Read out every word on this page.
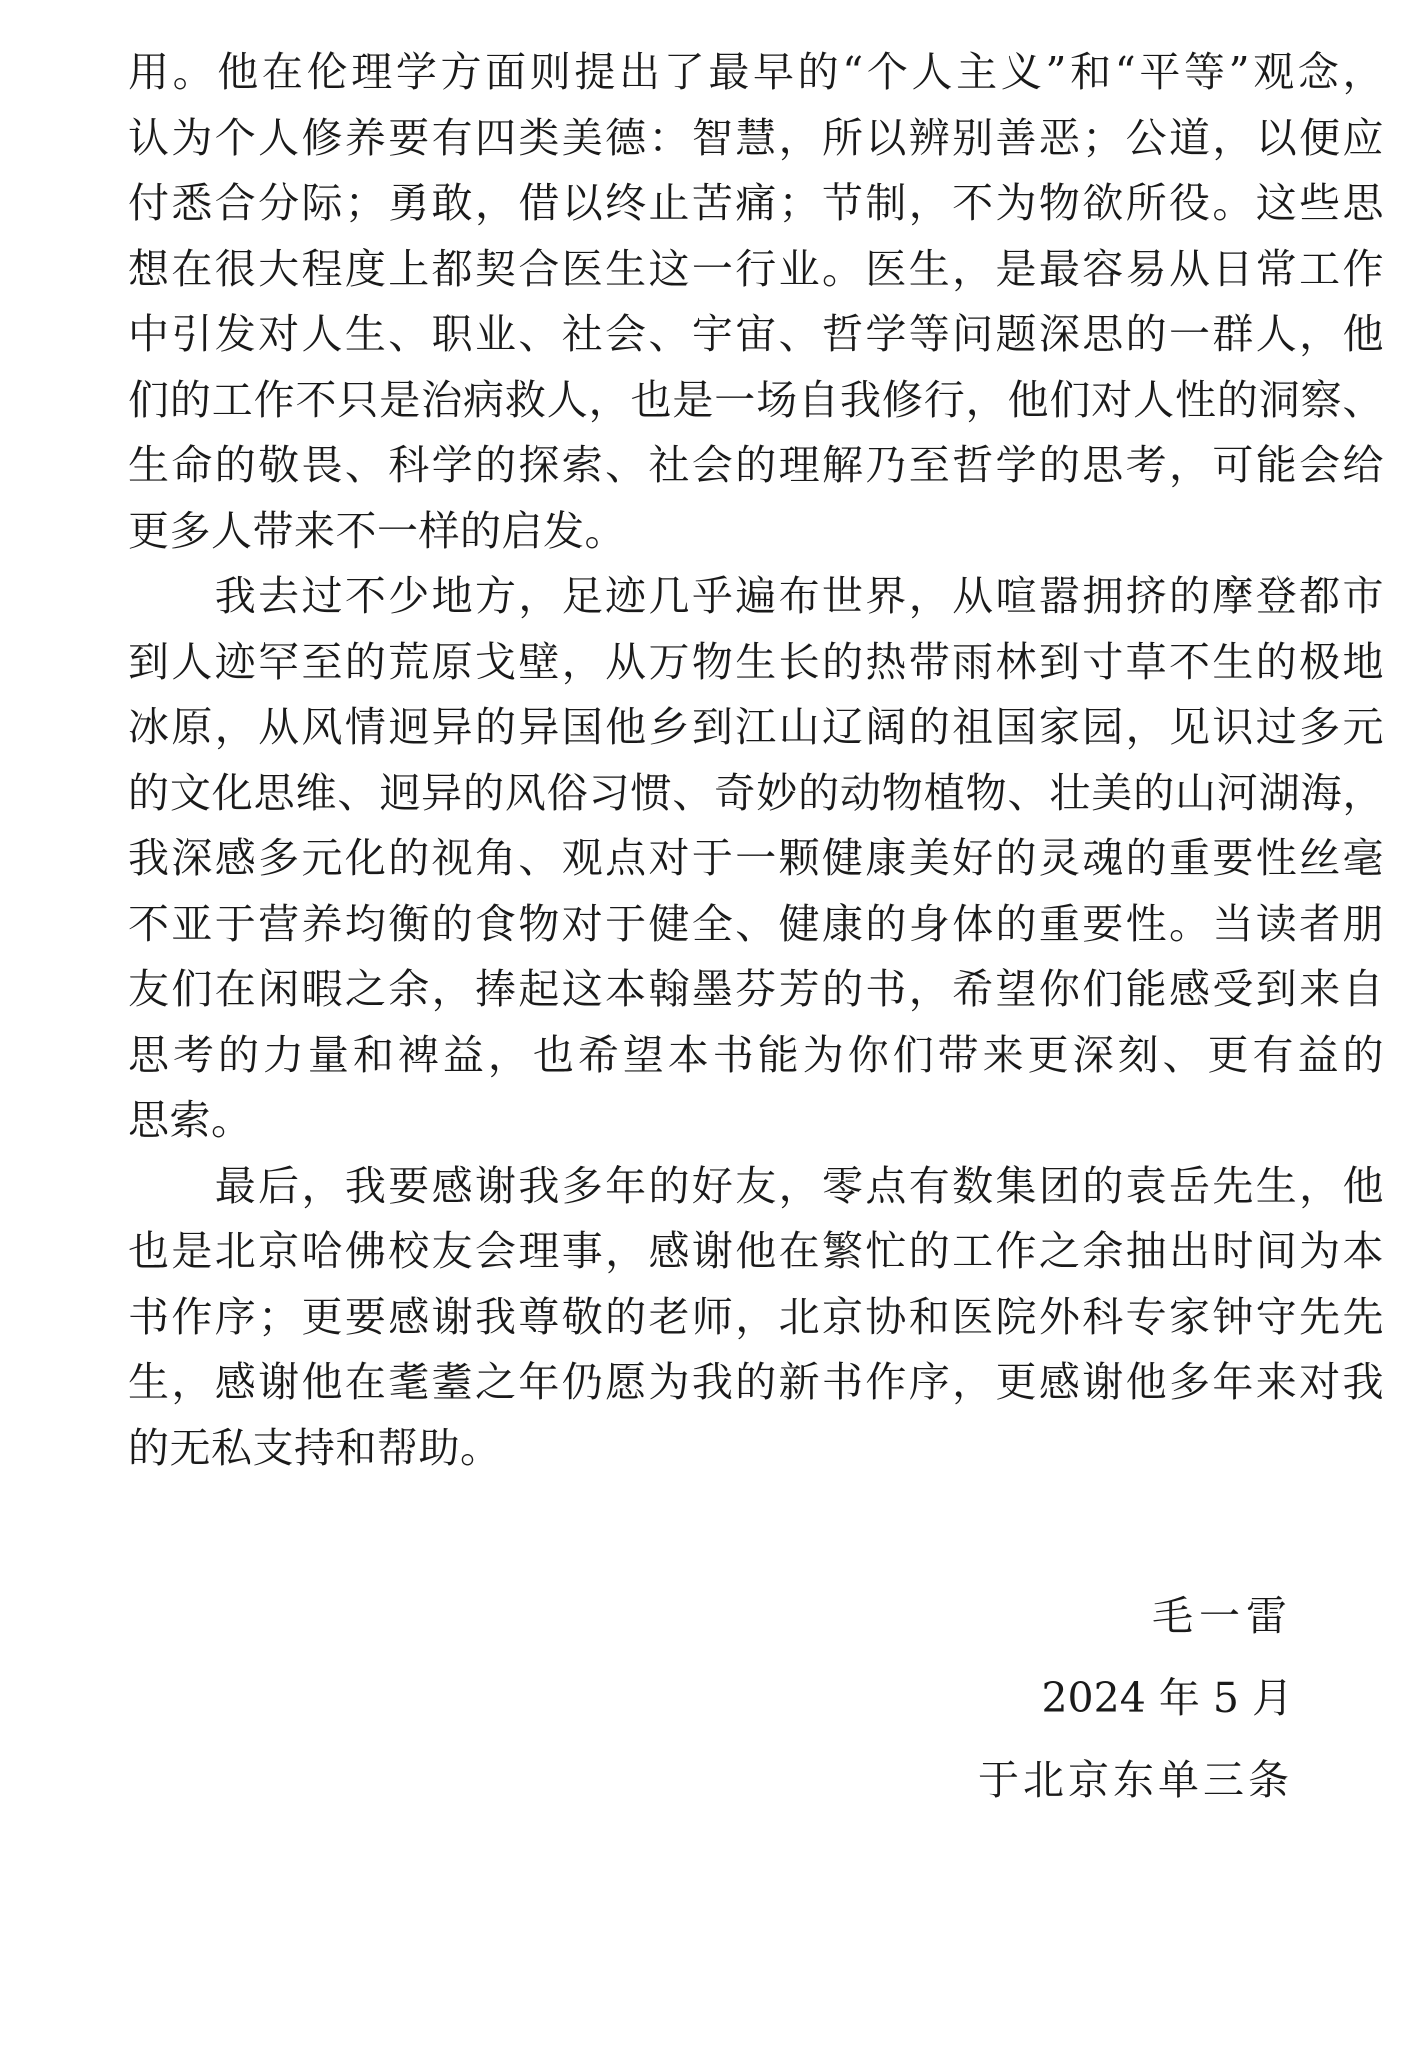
用。他在伦理学方面则提出了最早的“个人主义”和“平等”观念，
认为个人修养要有四类美德：智慧，所以辨别善恶；公道，以便应
付悉合分际；勇敢，借以终止苦痛；节制，不为物欲所役。这些思
想在很大程度上都契合医生这一行业。医生，是最容易从日常工作
中引发对人生、职业、社会、宇宙、哲学等问题深思的一群人，他
们的工作不只是治病救人，也是一场自我修行，他们对人性的洞察、
生命的敬畏、科学的探索、社会的理解乃至哲学的思考，可能会给
更多人带来不一样的启发。
　　我去过不少地方，足迹几乎遍布世界，从喧嚣拥挤的摩登都市
到人迹罕至的荒原戈壁，从万物生长的热带雨林到寸草不生的极地
冰原，从风情迥异的异国他乡到江山辽阔的祖国家园，见识过多元
的文化思维、迥异的风俗习惯、奇妙的动物植物、壮美的山河湖海，
我深感多元化的视角、观点对于一颗健康美好的灵魂的重要性丝毫
不亚于营养均衡的食物对于健全、健康的身体的重要性。当读者朋
友们在闲暇之余，捧起这本翰墨芬芳的书，希望你们能感受到来自
思考的力量和裨益，也希望本书能为你们带来更深刻、更有益的
思索。
　　最后，我要感谢我多年的好友，零点有数集团的袁岳先生，他
也是北京哈佛校友会理事，感谢他在繁忙的工作之余抽出时间为本
书作序；更要感谢我尊敬的老师，北京协和医院外科专家钟守先先
生，感谢他在耄耋之年仍愿为我的新书作序，更感谢他多年来对我
的无私支持和帮助。
毛一雷
2024 年 5 月
于北京东单三条
